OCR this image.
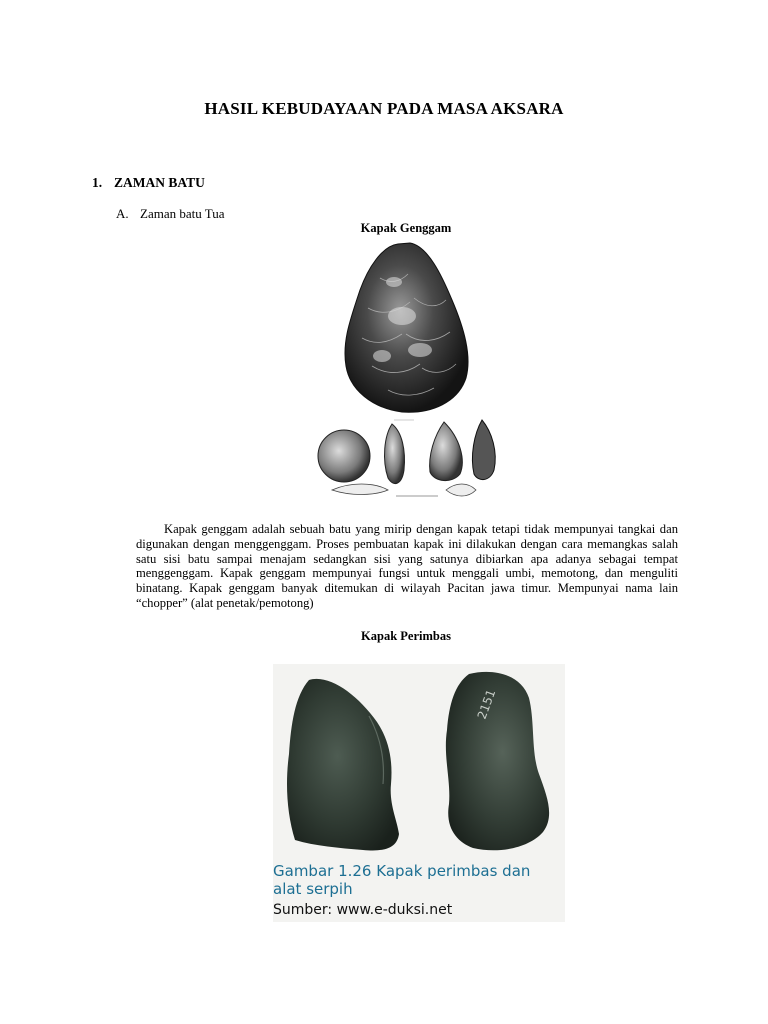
HASIL KEBUDAYAAN PADA MASA AKSARA
1. ZAMAN BATU
A. Zaman batu Tua
Kapak Genggam
Kapak genggam adalah sebuah batu yang mirip dengan kapak tetapi tidak mempunyai tangkai dan digunakan dengan menggenggam. Proses pembuatan kapak ini dilakukan dengan cara memangkas salah satu sisi batu sampai menajam sedangkan sisi yang satunya dibiarkan apa adanya sebagai tempat menggenggam. Kapak genggam mempunyai fungsi untuk menggali umbi, memotong, dan menguliti binatang. Kapak genggam banyak ditemukan di wilayah Pacitan jawa timur. Mempunyai nama lain “chopper” (alat penetak/pemotong)
Kapak Perimbas
2151
Gambar 1.26 Kapak perimbas dan
alat serpih
Sumber: www.e-duksi.net
